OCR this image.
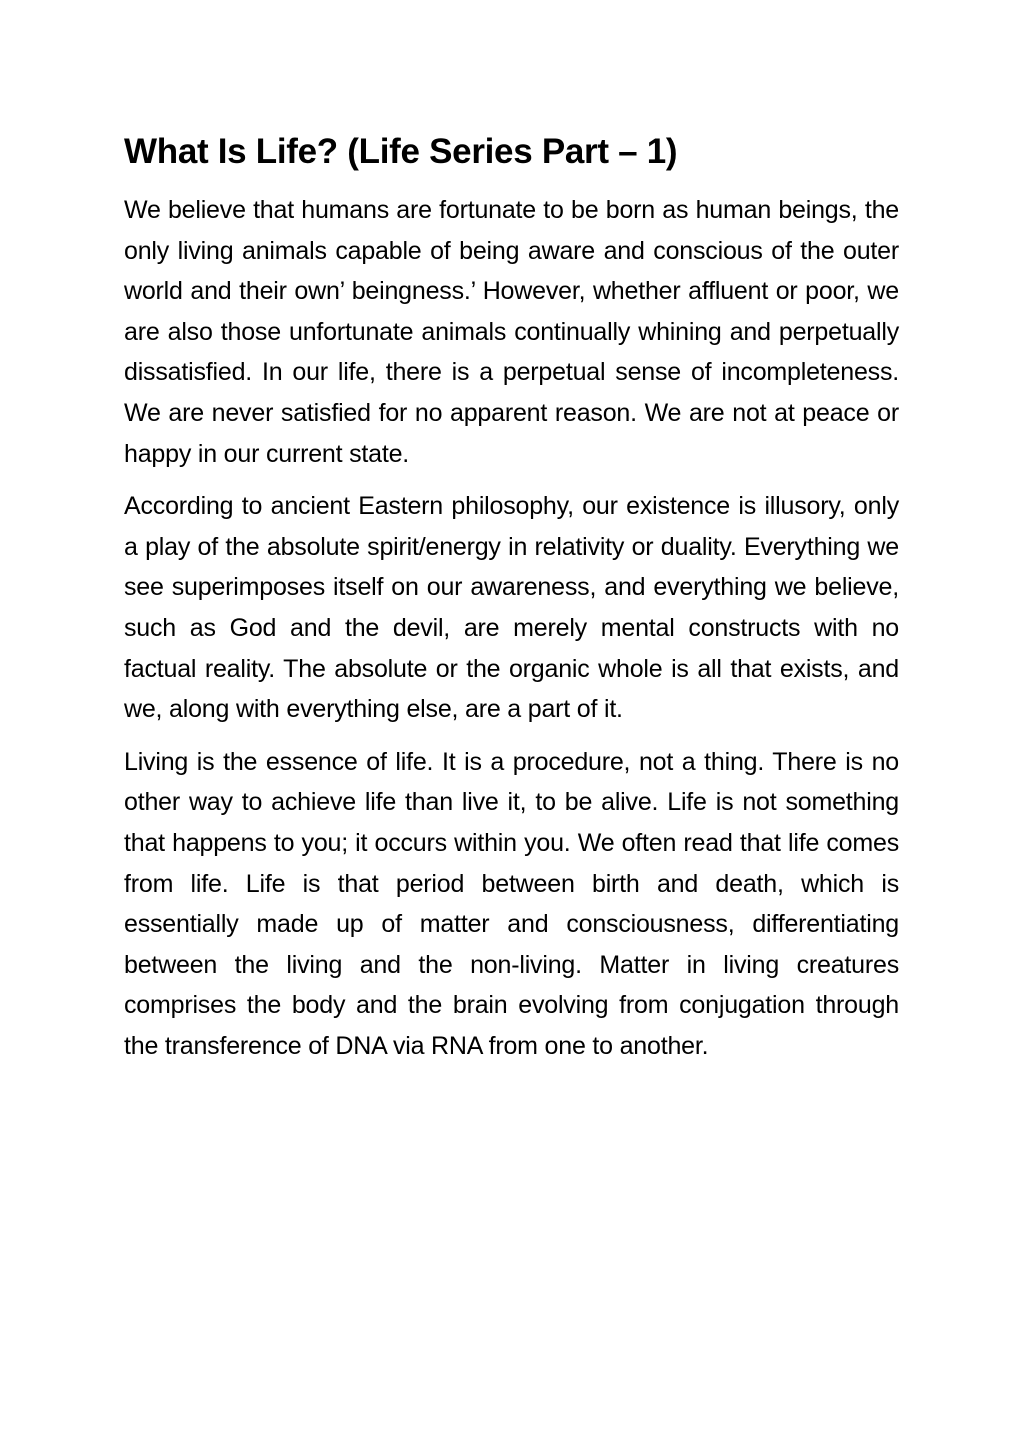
What Is Life? (Life Series Part – 1)

We believe that humans are fortunate to be born as human beings, the only living animals capable of being aware and conscious of the outer world and their own’ beingness.’ However, whether affluent or poor, we are also those unfortunate animals continually whining and perpetually dissatisfied. In our life, there is a perpetual sense of incompleteness. We are never satisfied for no apparent reason. We are not at peace or happy in our current state.

According to ancient Eastern philosophy, our existence is illusory, only a play of the absolute spirit/energy in relativity or duality. Everything we see superimposes itself on our awareness, and everything we believe, such as God and the devil, are merely mental constructs with no factual reality. The absolute or the organic whole is all that exists, and we, along with everything else, are a part of it.

Living is the essence of life. It is a procedure, not a thing. There is no other way to achieve life than live it, to be alive. Life is not something that happens to you; it occurs within you. We often read that life comes from life. Life is that period between birth and death, which is essentially made up of matter and consciousness, differentiating between the living and the non-living. Matter in living creatures comprises the body and the brain evolving from conjugation through the transference of DNA via RNA from one to another.
